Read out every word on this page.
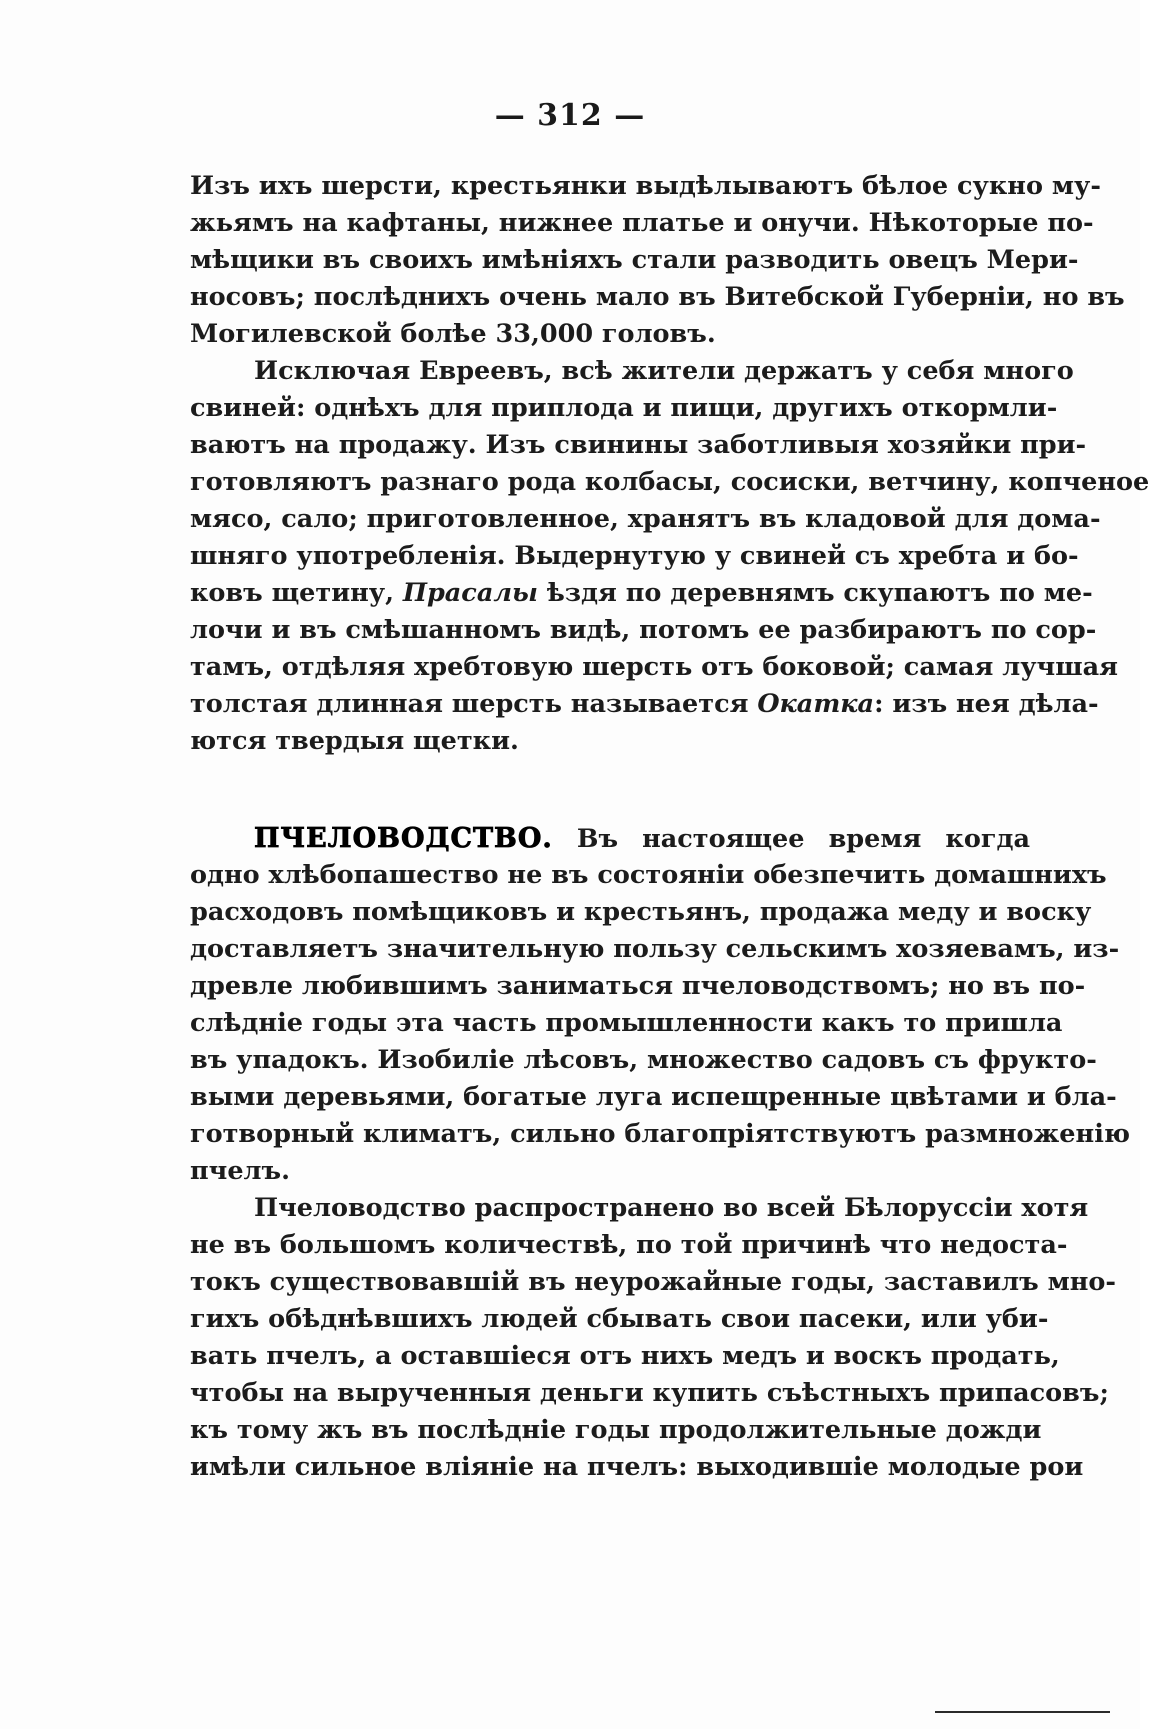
— 312 —
Изъ ихъ шерсти, крестьянки выдѣлываютъ бѣлое сукно му-
жьямъ на кафтаны, нижнее платье и онучи. Нѣкоторые по-
мѣщики въ своихъ имѣніяхъ стали разводить овецъ Мери-
носовъ; послѣднихъ очень мало въ Витебской Губерніи, но въ
Могилевской болѣе 33,000 головъ.
Исключая Евреевъ, всѣ жители держатъ у себя много
свиней: однѣхъ для приплода и пищи, другихъ откормли-
ваютъ на продажу. Изъ свинины заботливыя хозяйки при-
готовляютъ разнаго рода колбасы, сосиски, ветчину, копченое
мясо, сало; приготовленное, хранятъ въ кладовой для дома-
шняго употребленія. Выдернутую у свиней съ хребта и бо-
ковъ щетину, Прасалы ѣздя по деревнямъ скупаютъ по ме-
лочи и въ смѣшанномъ видѣ, потомъ ее разбираютъ по сор-
тамъ, отдѣляя хребтовую шерсть отъ боковой; самая лучшая
толстая длинная шерсть называется Окатка: изъ нея дѣла-
ются твердыя щетки.
ПЧЕЛОВОДСТВО. Въ настоящее время когда
одно хлѣбопашество не въ состояніи обезпечить домашнихъ
расходовъ помѣщиковъ и крестьянъ, продажа меду и воску
доставляетъ значительную пользу сельскимъ хозяевамъ, из-
древле любившимъ заниматься пчеловодствомъ; но въ по-
слѣдніе годы эта часть промышленности какъ то пришла
въ упадокъ. Изобиліе лѣсовъ, множество садовъ съ фрукто-
выми деревьями, богатые луга испещренные цвѣтами и бла-
готворный климатъ, сильно благопріятствуютъ размноженію
пчелъ.
Пчеловодство распространено во всей Бѣлоруссіи хотя
не въ большомъ количествѣ, по той причинѣ что недоста-
токъ существовавшій въ неурожайные годы, заставилъ мно-
гихъ обѣднѣвшихъ людей сбывать свои пасеки, или уби-
вать пчелъ, а оставшіеся отъ нихъ медъ и воскъ продать,
чтобы на вырученныя деньги купить съѣстныхъ припасовъ;
къ тому жъ въ послѣдніе годы продолжительные дожди
имѣли сильное вліяніе на пчелъ: выходившіе молодые рои
